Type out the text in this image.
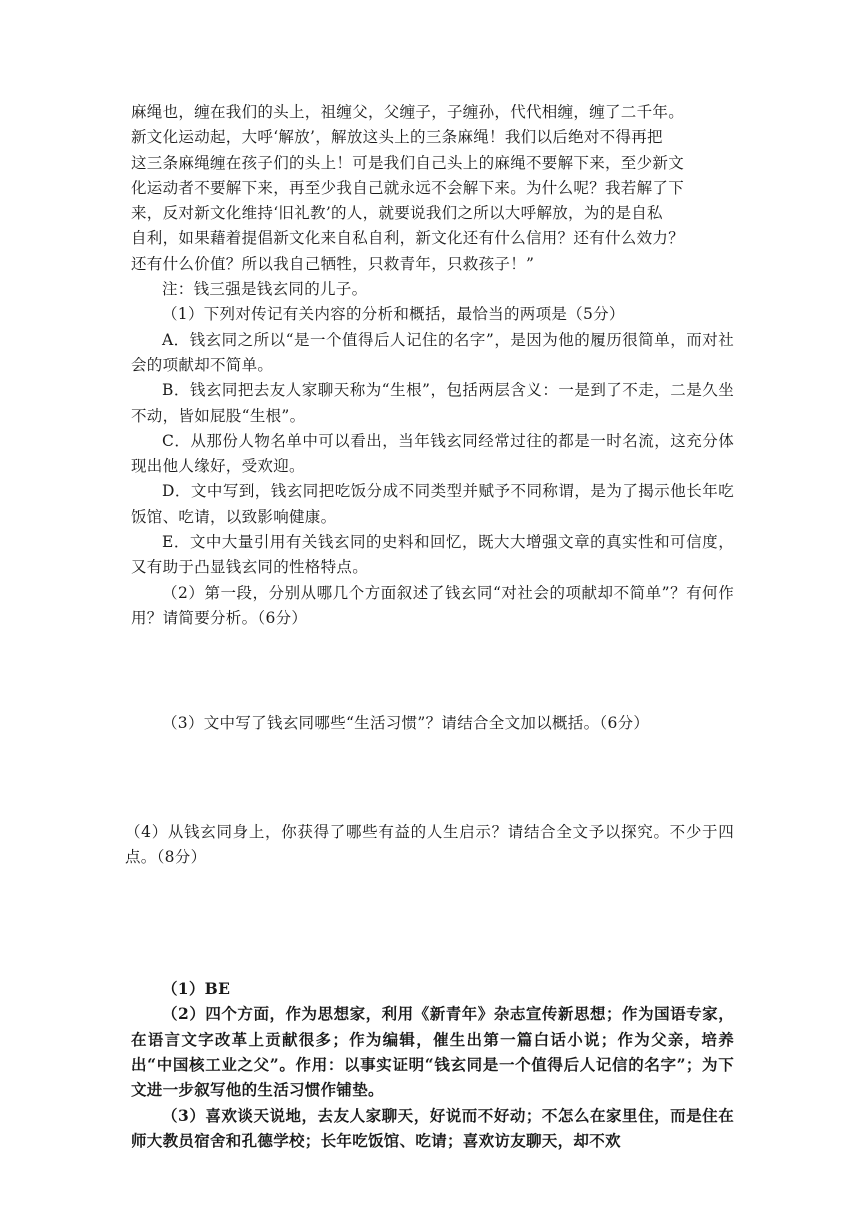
麻绳也，缠在我们的头上，祖缠父，父缠子，子缠孙，代代相缠，缠了二千年。

新文化运动起，大呼‘解放’，解放这头上的三条麻绳！我们以后绝对不得再把

这三条麻绳缠在孩子们的头上！可是我们自己头上的麻绳不要解下来，至少新文

化运动者不要解下来，再至少我自己就永远不会解下来。为什么呢？我若解了下

来，反对新文化维持‘旧礼教’的人，就要说我们之所以大呼解放，为的是自私

自利，如果藉着提倡新文化来自私自利，新文化还有什么信用？还有什么效力？

还有什么价值？所以我自己牺牲，只救青年，只救孩子！”

注：钱三强是钱玄同的儿子。

（1）下列对传记有关内容的分析和概括，最恰当的两项是（5分）

A．钱玄同之所以“是一个值得后人记住的名字”，是因为他的履历很简单，而对社会的项献却不简单。

B．钱玄同把去友人家聊天称为“生根”，包括两层含义：一是到了不走，二是久坐不动，皆如屁股“生根”。

C．从那份人物名单中可以看出，当年钱玄同经常过往的都是一时名流，这充分体现出他人缘好，受欢迎。

D．文中写到，钱玄同把吃饭分成不同类型并赋予不同称谓，是为了揭示他长年吃饭馆、吃请，以致影响健康。

E．文中大量引用有关钱玄同的史料和回忆，既大大增强文章的真实性和可信度，又有助于凸显钱玄同的性格特点。

（2）第一段，分别从哪几个方面叙述了钱玄同“对社会的项献却不简单”？有何作用？请简要分析。（6分）

（3）文中写了钱玄同哪些“生活习惯”？请结合全文加以概括。（6分）

（4）从钱玄同身上，你获得了哪些有益的人生启示？请结合全文予以探究。不少于四点。（8分）

（1）BE

（2）四个方面，作为思想家，利用《新青年》杂志宣传新思想；作为国语专家，在语言文字改革上贡献很多；作为编辑，催生出第一篇白话小说；作为父亲，培养出“中国核工业之父”。作用：以事实证明“钱玄同是一个值得后人记信的名字”；为下文进一步叙写他的生活习惯作铺垫。

（3）喜欢谈天说地，去友人家聊天，好说而不好动；不怎么在家里住，而是住在师大教员宿舍和孔德学校；长年吃饭馆、吃请；喜欢访友聊天，却不欢
